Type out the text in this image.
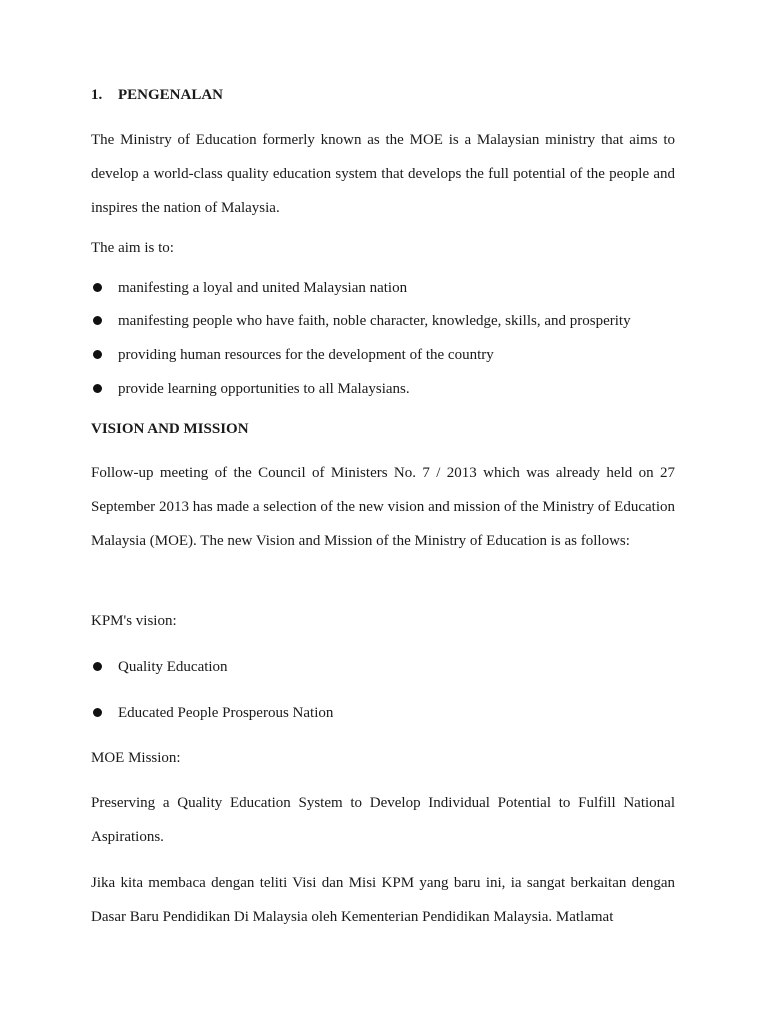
1. PENGENALAN
The Ministry of Education formerly known as the MOE is a Malaysian ministry that aims to develop a world-class quality education system that develops the full potential of the people and inspires the nation of Malaysia.
The aim is to:
manifesting a loyal and united Malaysian nation
manifesting people who have faith, noble character, knowledge, skills, and prosperity
providing human resources for the development of the country
provide learning opportunities to all Malaysians.
VISION AND MISSION
Follow-up meeting of the Council of Ministers No. 7 / 2013 which was already held on 27 September 2013 has made a selection of the new vision and mission of the Ministry of Education Malaysia (MOE). The new Vision and Mission of the Ministry of Education is as follows:
KPM's vision:
Quality Education
Educated People Prosperous Nation
MOE Mission:
Preserving a Quality Education System to Develop Individual Potential to Fulfill National Aspirations.
Jika kita membaca dengan teliti Visi dan Misi KPM yang baru ini, ia sangat berkaitan dengan Dasar Baru Pendidikan Di Malaysia oleh Kementerian Pendidikan Malaysia. Matlamat
